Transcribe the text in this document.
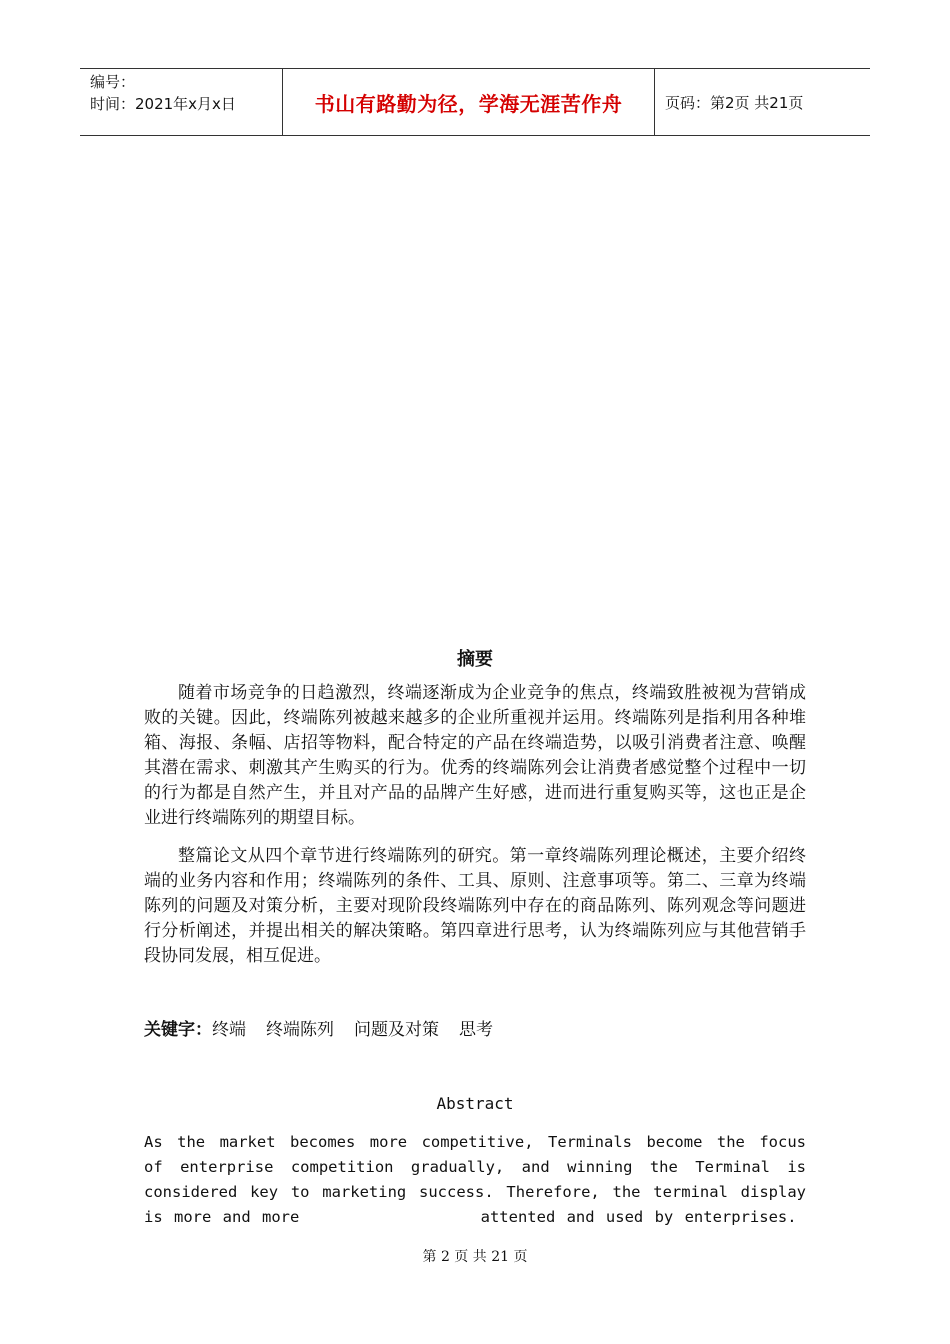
编号：
时间：2021年x月x日	书山有路勤为径，学海无涯苦作舟	页码：第2页 共21页
摘要

随着市场竞争的日趋激烈，终端逐渐成为企业竞争的焦点，终端致胜被视为营销成败的关键。因此，终端陈列被越来越多的企业所重视并运用。终端陈列是指利用各种堆箱、海报、条幅、店招等物料，配合特定的产品在终端造势，以吸引消费者注意、唤醒其潜在需求、刺激其产生购买的行为。优秀的终端陈列会让消费者感觉整个过程中一切的行为都是自然产生，并且对产品的品牌产生好感，进而进行重复购买等，这也正是企业进行终端陈列的期望目标。

整篇论文从四个章节进行终端陈列的研究。第一章终端陈列理论概述，主要介绍终端的业务内容和作用；终端陈列的条件、工具、原则、注意事项等。第二、三章为终端陈列的问题及对策分析，主要对现阶段终端陈列中存在的商品陈列、陈列观念等问题进行分析阐述，并提出相关的解决策略。第四章进行思考，认为终端陈列应与其他营销手段协同发展，相互促进。

关键字：终端 终端陈列 问题及对策 思考
Abstract

As the market becomes more competitive, Terminals become the focus of enterprise competition gradually, and winning the Terminal is considered key to marketing success. Therefore, the terminal display is more and more                attented and used by enterprises.

第 2 页 共 21 页
